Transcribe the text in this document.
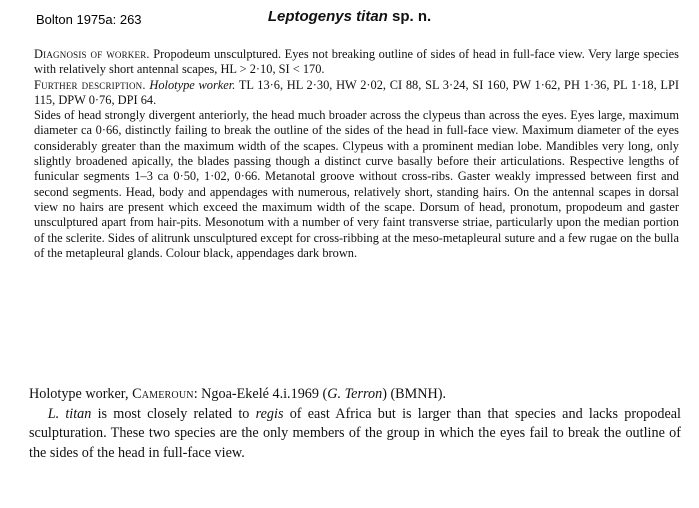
Bolton 1975a: 263	Leptogenys titan sp. n.

Diagnosis of worker. Propodeum unsculptured. Eyes not breaking outline of sides of head in full-face view. Very large species with relatively short antennal scapes, HL > 2·10, SI < 170.

Further description. Holotype worker. TL 13·6, HL 2·30, HW 2·02, CI 88, SL 3·24, SI 160, PW 1·62, PH 1·36, PL 1·18, LPI 115, DPW 0·76, DPI 64.

Sides of head strongly divergent anteriorly, the head much broader across the clypeus than across the eyes. Eyes large, maximum diameter ca 0·66, distinctly failing to break the outline of the sides of the head in full-face view. Maximum diameter of the eyes considerably greater than the maximum width of the scapes. Clypeus with a prominent median lobe. Mandibles very long, only slightly broadened apically, the blades passing though a distinct curve basally before their articulations. Respective lengths of funicular segments 1–3 ca 0·50, 1·02, 0·66. Metanotal groove without cross-ribs. Gaster weakly impressed between first and second segments. Head, body and appendages with numerous, relatively short, standing hairs. On the antennal scapes in dorsal view no hairs are present which exceed the maximum width of the scape. Dorsum of head, pronotum, propodeum and gaster unsculptured apart from hair-pits. Mesonotum with a number of very faint transverse striae, particularly upon the median portion of the sclerite. Sides of alitrunk unsculptured except for cross-ribbing at the meso-metapleural suture and a few rugae on the bulla of the metapleural glands. Colour black, appendages dark brown.

Holotype worker, Cameroun: Ngoa-Ekelé 4.i.1969 (G. Terron) (BMNH).

L. titan is most closely related to regis of east Africa but is larger than that species and lacks propodeal sculpturation. These two species are the only members of the group in which the eyes fail to break the outline of the sides of the head in full-face view.
